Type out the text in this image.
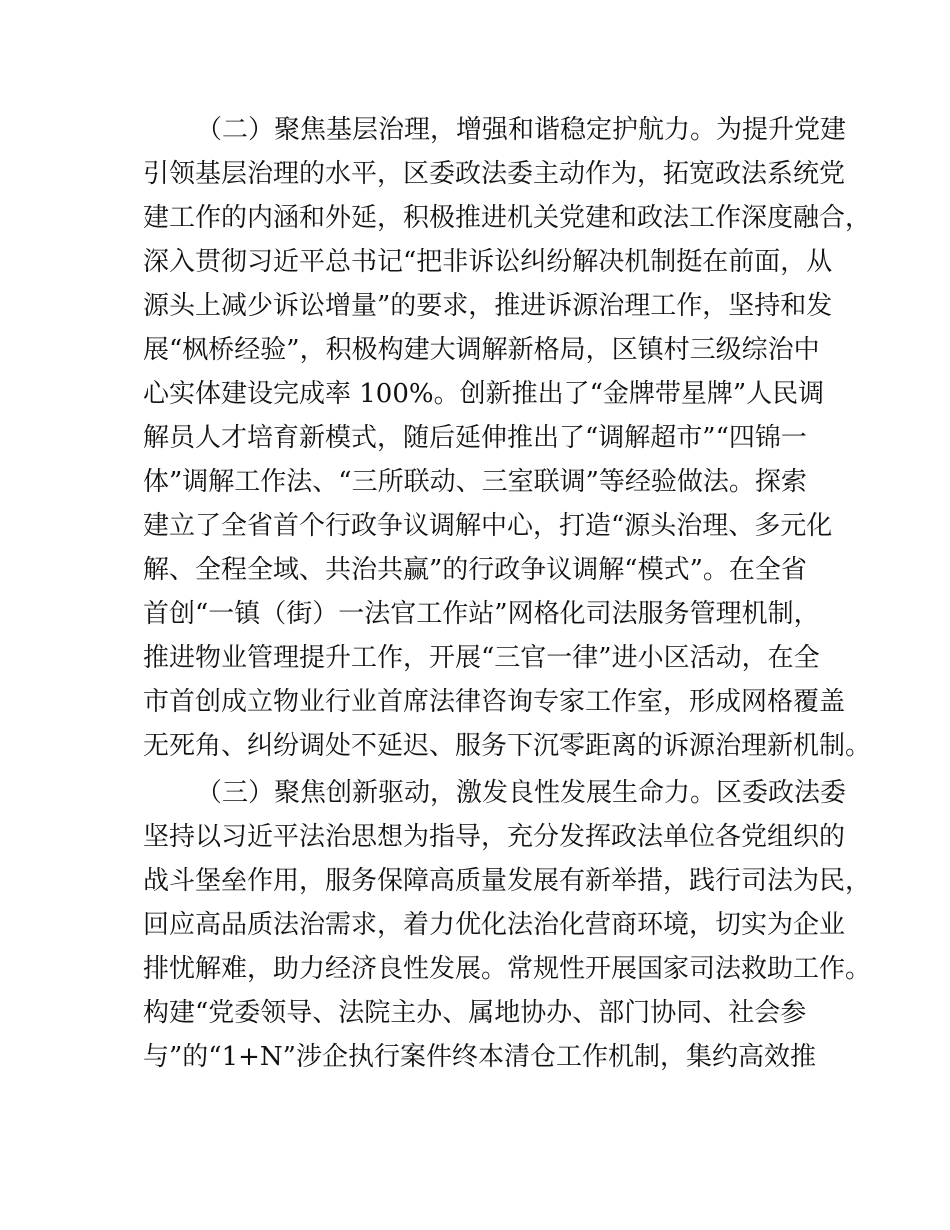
（二）聚焦基层治理，增强和谐稳定护航力。为提升党建
引领基层治理的水平，区委政法委主动作为，拓宽政法系统党
建工作的内涵和外延，积极推进机关党建和政法工作深度融合，
深入贯彻习近平总书记“把非诉讼纠纷解决机制挺在前面，从
源头上减少诉讼增量”的要求，推进诉源治理工作，坚持和发
展“枫桥经验”，积极构建大调解新格局，区镇村三级综治中
心实体建设完成率 100%。创新推出了“金牌带星牌”人民调
解员人才培育新模式，随后延伸推出了“调解超市”“四锦一
体”调解工作法、“三所联动、三室联调”等经验做法。探索
建立了全省首个行政争议调解中心，打造“源头治理、多元化
解、全程全域、共治共赢”的行政争议调解“模式”。在全省
首创“一镇（街）一法官工作站”网格化司法服务管理机制，
推进物业管理提升工作，开展“三官一律”进小区活动，在全
市首创成立物业行业首席法律咨询专家工作室，形成网格覆盖
无死角、纠纷调处不延迟、服务下沉零距离的诉源治理新机制。
（三）聚焦创新驱动，激发良性发展生命力。区委政法委
坚持以习近平法治思想为指导，充分发挥政法单位各党组织的
战斗堡垒作用，服务保障高质量发展有新举措，践行司法为民，
回应高品质法治需求，着力优化法治化营商环境，切实为企业
排忧解难，助力经济良性发展。常规性开展国家司法救助工作。
构建“党委领导、法院主办、属地协办、部门协同、社会参
与”的“1+N”涉企执行案件终本清仓工作机制，集约高效推
